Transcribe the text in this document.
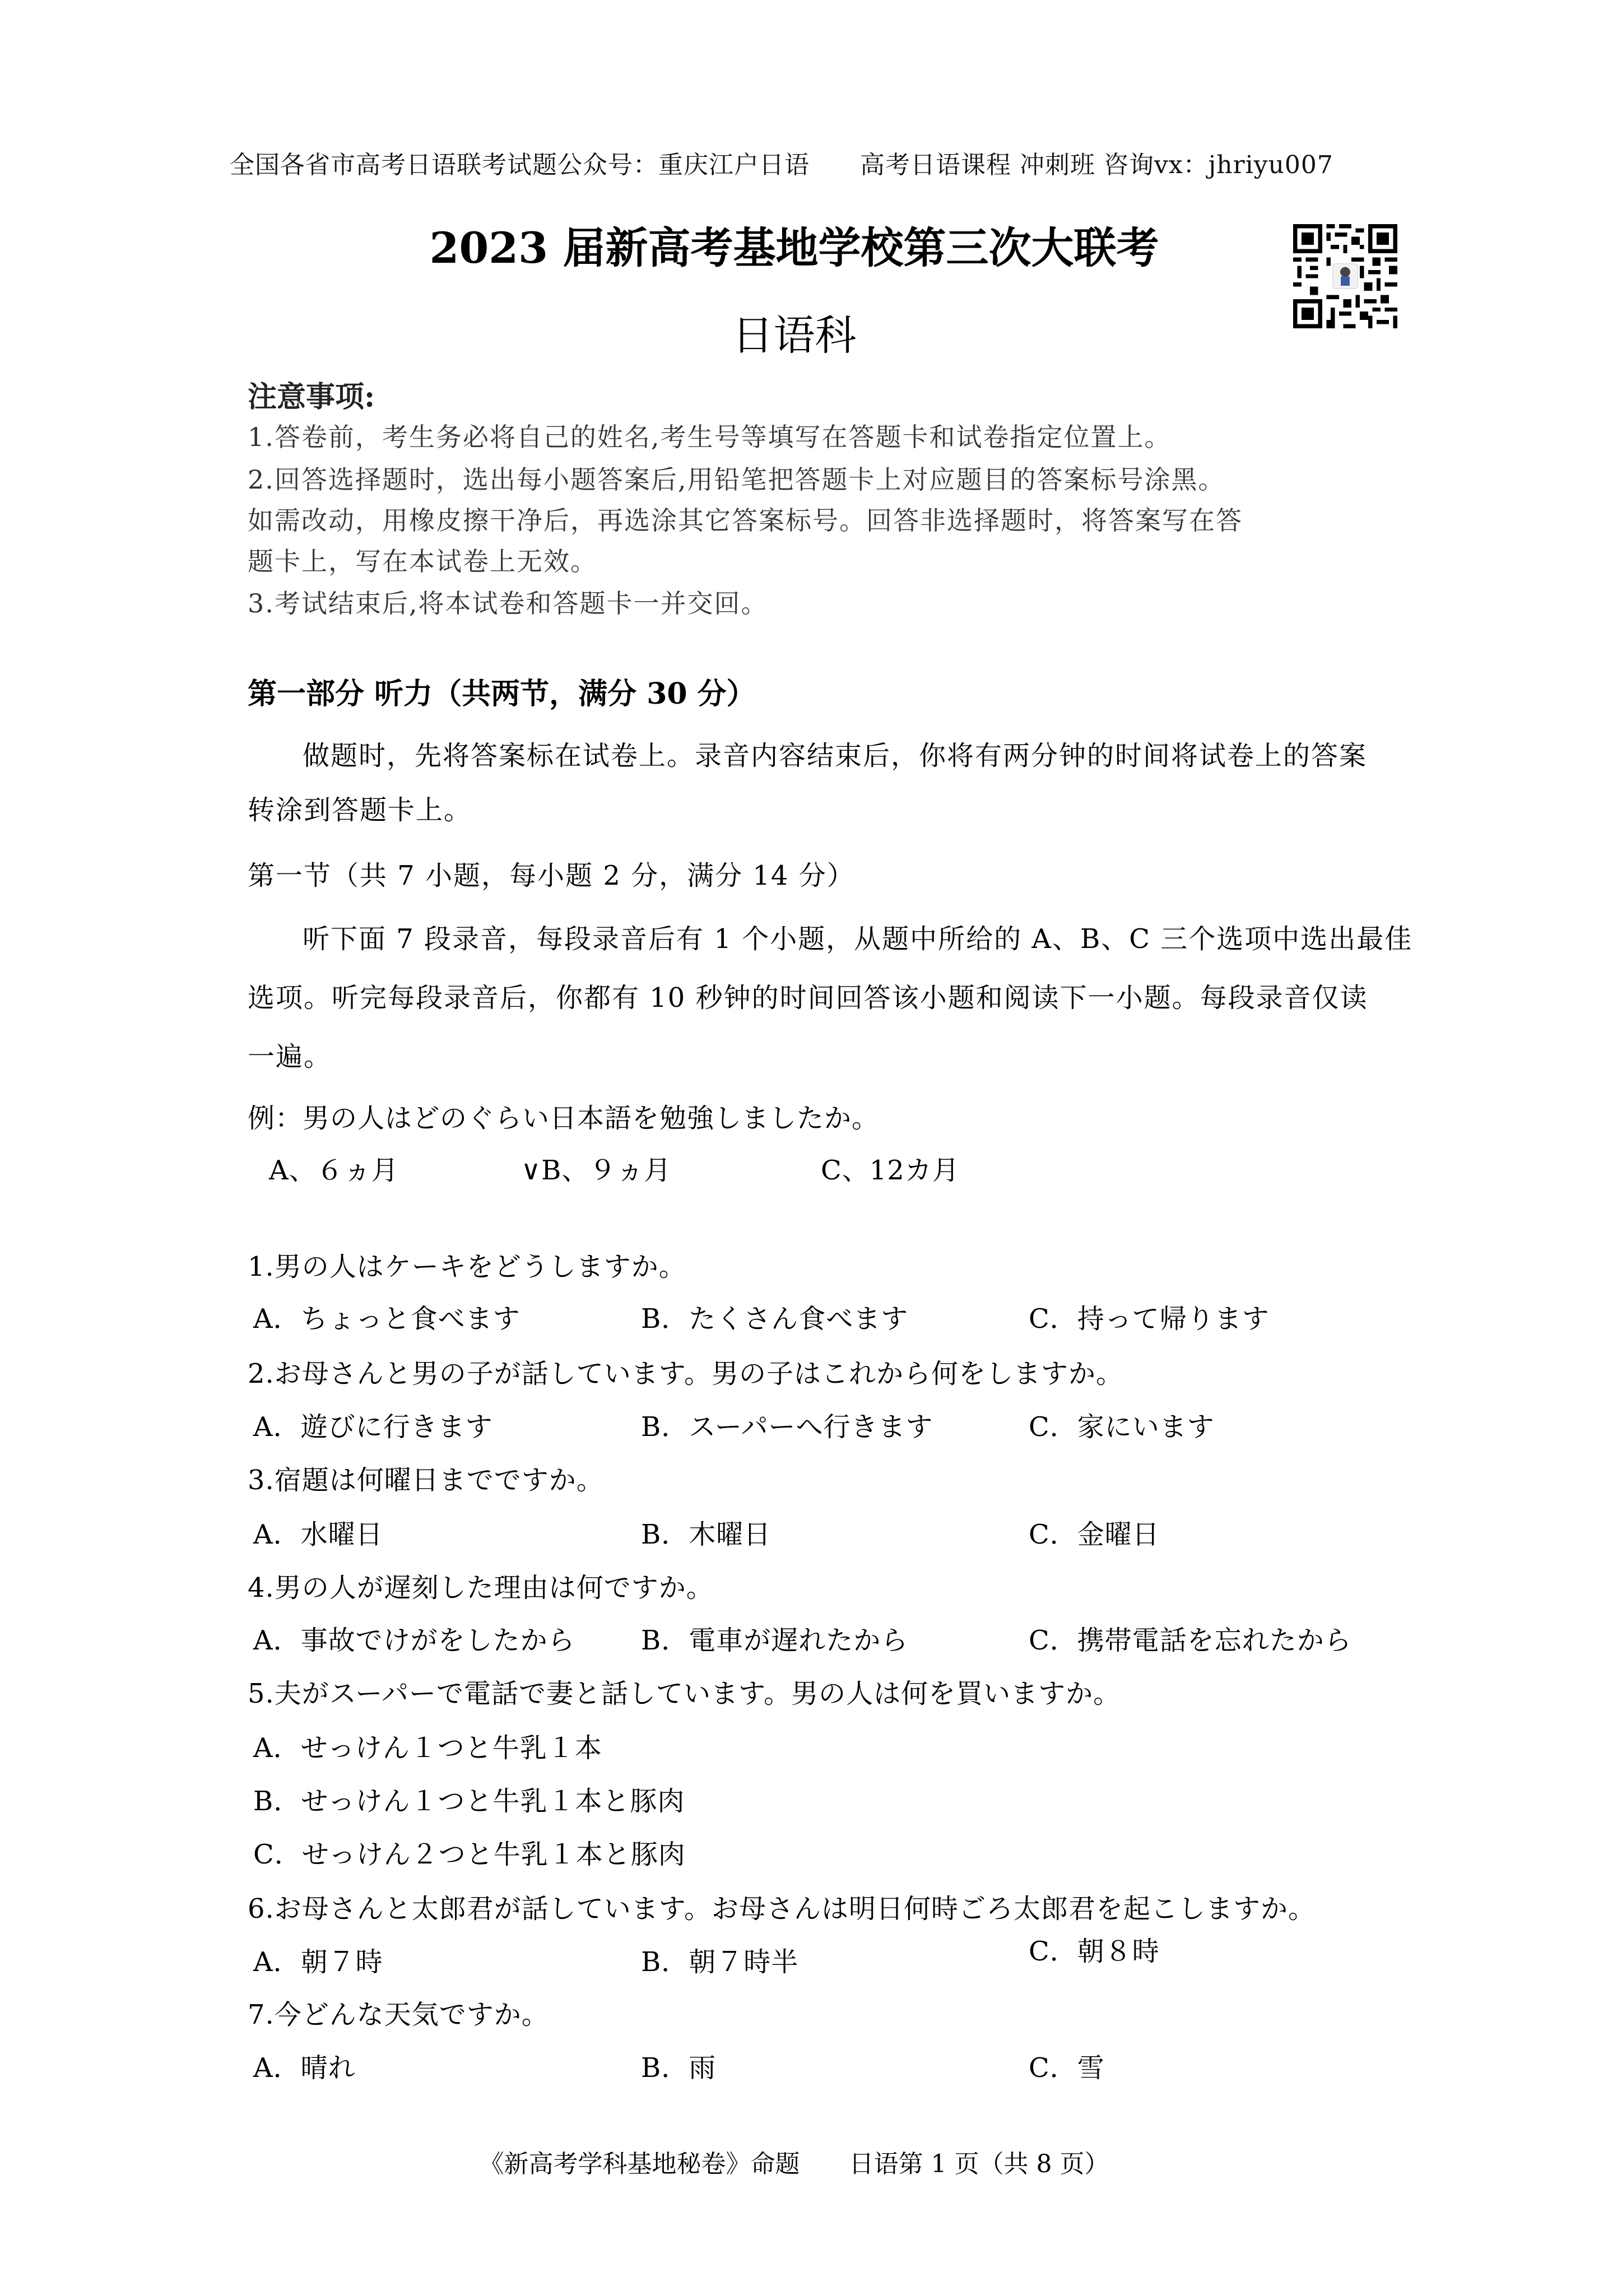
全国各省市高考日语联考试题公众号：重庆江户日语　　高考日语课程 冲刺班 咨询vx：jhriyu007
2023 届新高考基地学校第三次大联考
日语科
注意事项:
1.答卷前，考生务必将自己的姓名,考生号等填写在答题卡和试卷指定位置上。
2.回答选择题时，选出每小题答案后,用铅笔把答题卡上对应题目的答案标号涂黑。
如需改动，用橡皮擦干净后，再选涂其它答案标号。回答非选择题时，将答案写在答
题卡上，写在本试卷上无效。
3.考试结束后,将本试卷和答题卡一并交回。
第一部分 听力（共两节，满分 30 分）
做题时，先将答案标在试卷上。录音内容结束后，你将有两分钟的时间将试卷上的答案
转涂到答题卡上。
第一节（共 7 小题，每小题 2 分，满分 14 分）
听下面 7 段录音，每段录音后有 1 个小题，从题中所给的 A、B、C 三个选项中选出最佳
选项。听完每段录音后，你都有 10 秒钟的时间回答该小题和阅读下一小题。每段录音仅读
一遍。
例：男の人はどのぐらい日本語を勉強しましたか。
A、６ヵ月	∨B、９ヵ月	C、12カ月
1.男の人はケーキをどうしますか。
A．ちょっと食べます	B．たくさん食べます	C．持って帰ります
2.お母さんと男の子が話しています。男の子はこれから何をしますか。
A．遊びに行きます	B．スーパーへ行きます	C．家にいます
3.宿題は何曜日までですか。
A．水曜日	B．木曜日	C．金曜日
4.男の人が遅刻した理由は何ですか。
A．事故でけがをしたから B．電車が遅れたから	C．携帯電話を忘れたから
5.夫がスーパーで電話で妻と話しています。男の人は何を買いますか。
A．せっけん１つと牛乳１本
B．せっけん１つと牛乳１本と豚肉
C．せっけん２つと牛乳１本と豚肉
6.お母さんと太郎君が話しています。お母さんは明日何時ごろ太郎君を起こしますか。
A．朝７時	B．朝７時半	C．朝８時
7.今どんな天気ですか。
A．晴れ	B．雨	C．雪
《新高考学科基地秘卷》命题　　日语第 1 页（共 8 页）
